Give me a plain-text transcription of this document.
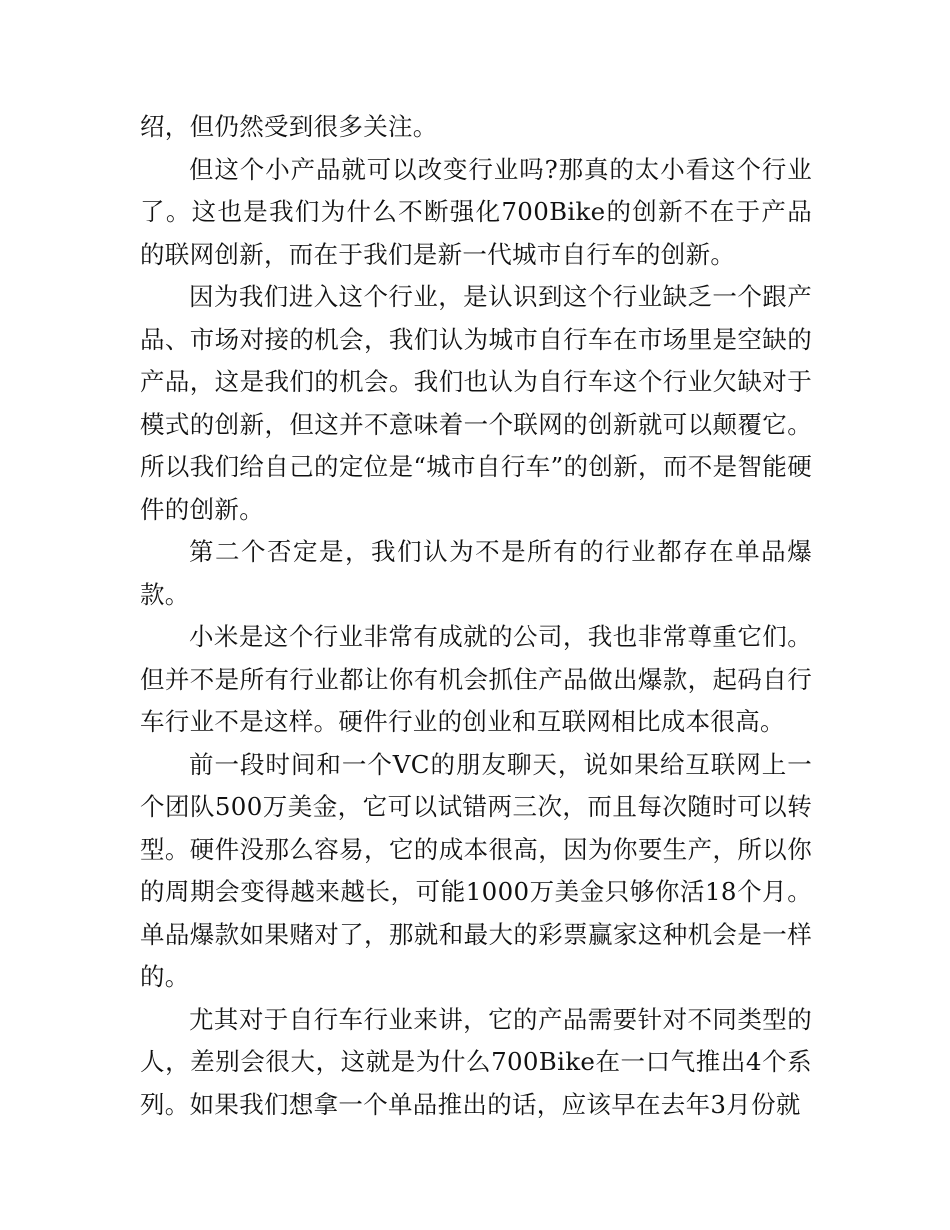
绍，但仍然受到很多关注。

但这个小产品就可以改变行业吗?那真的太小看这个行业了。这也是我们为什么不断强化700Bike的创新不在于产品的联网创新，而在于我们是新一代城市自行车的创新。

因为我们进入这个行业，是认识到这个行业缺乏一个跟产品、市场对接的机会，我们认为城市自行车在市场里是空缺的产品，这是我们的机会。我们也认为自行车这个行业欠缺对于模式的创新，但这并不意味着一个联网的创新就可以颠覆它。所以我们给自己的定位是“城市自行车”的创新，而不是智能硬件的创新。

第二个否定是，我们认为不是所有的行业都存在单品爆款。

小米是这个行业非常有成就的公司，我也非常尊重它们。但并不是所有行业都让你有机会抓住产品做出爆款，起码自行车行业不是这样。硬件行业的创业和互联网相比成本很高。

前一段时间和一个VC的朋友聊天，说如果给互联网上一个团队500万美金，它可以试错两三次，而且每次随时可以转型。硬件没那么容易，它的成本很高，因为你要生产，所以你的周期会变得越来越长，可能1000万美金只够你活18个月。单品爆款如果赌对了，那就和最大的彩票赢家这种机会是一样的。

尤其对于自行车行业来讲，它的产品需要针对不同类型的人，差别会很大，这就是为什么700Bike在一口气推出4个系列。如果我们想拿一个单品推出的话，应该早在去年3月份就
